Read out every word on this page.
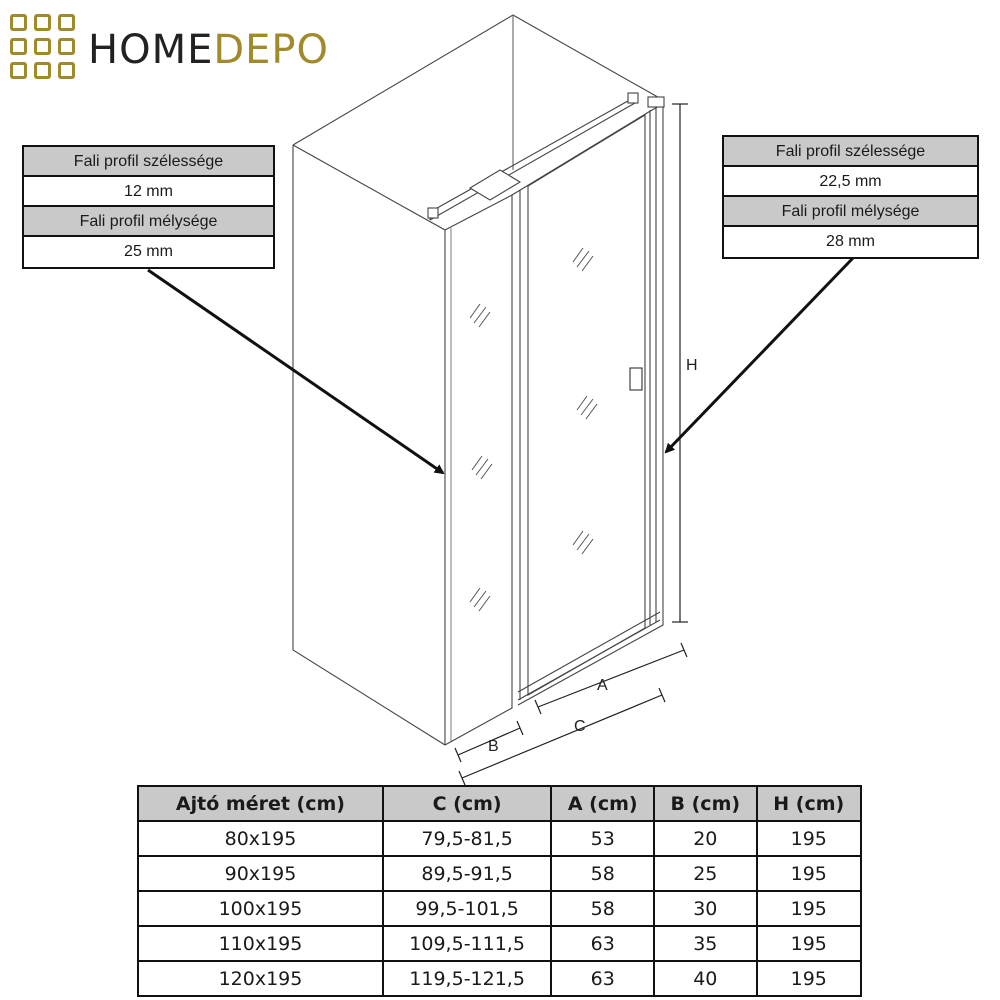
HOMEDEPO
H
A
B
C
Fali profil szélessége
12 mm
Fali profil mélysége
25 mm
Fali profil szélessége
22,5 mm
Fali profil mélysége
28 mm
Ajtó méret (cm)	C (cm)	A (cm)	B (cm)	H (cm)
80x195	79,5-81,5	53	20	195
90x195	89,5-91,5	58	25	195
100x195	99,5-101,5	58	30	195
110x195	109,5-111,5	63	35	195
120x195	119,5-121,5	63	40	195
